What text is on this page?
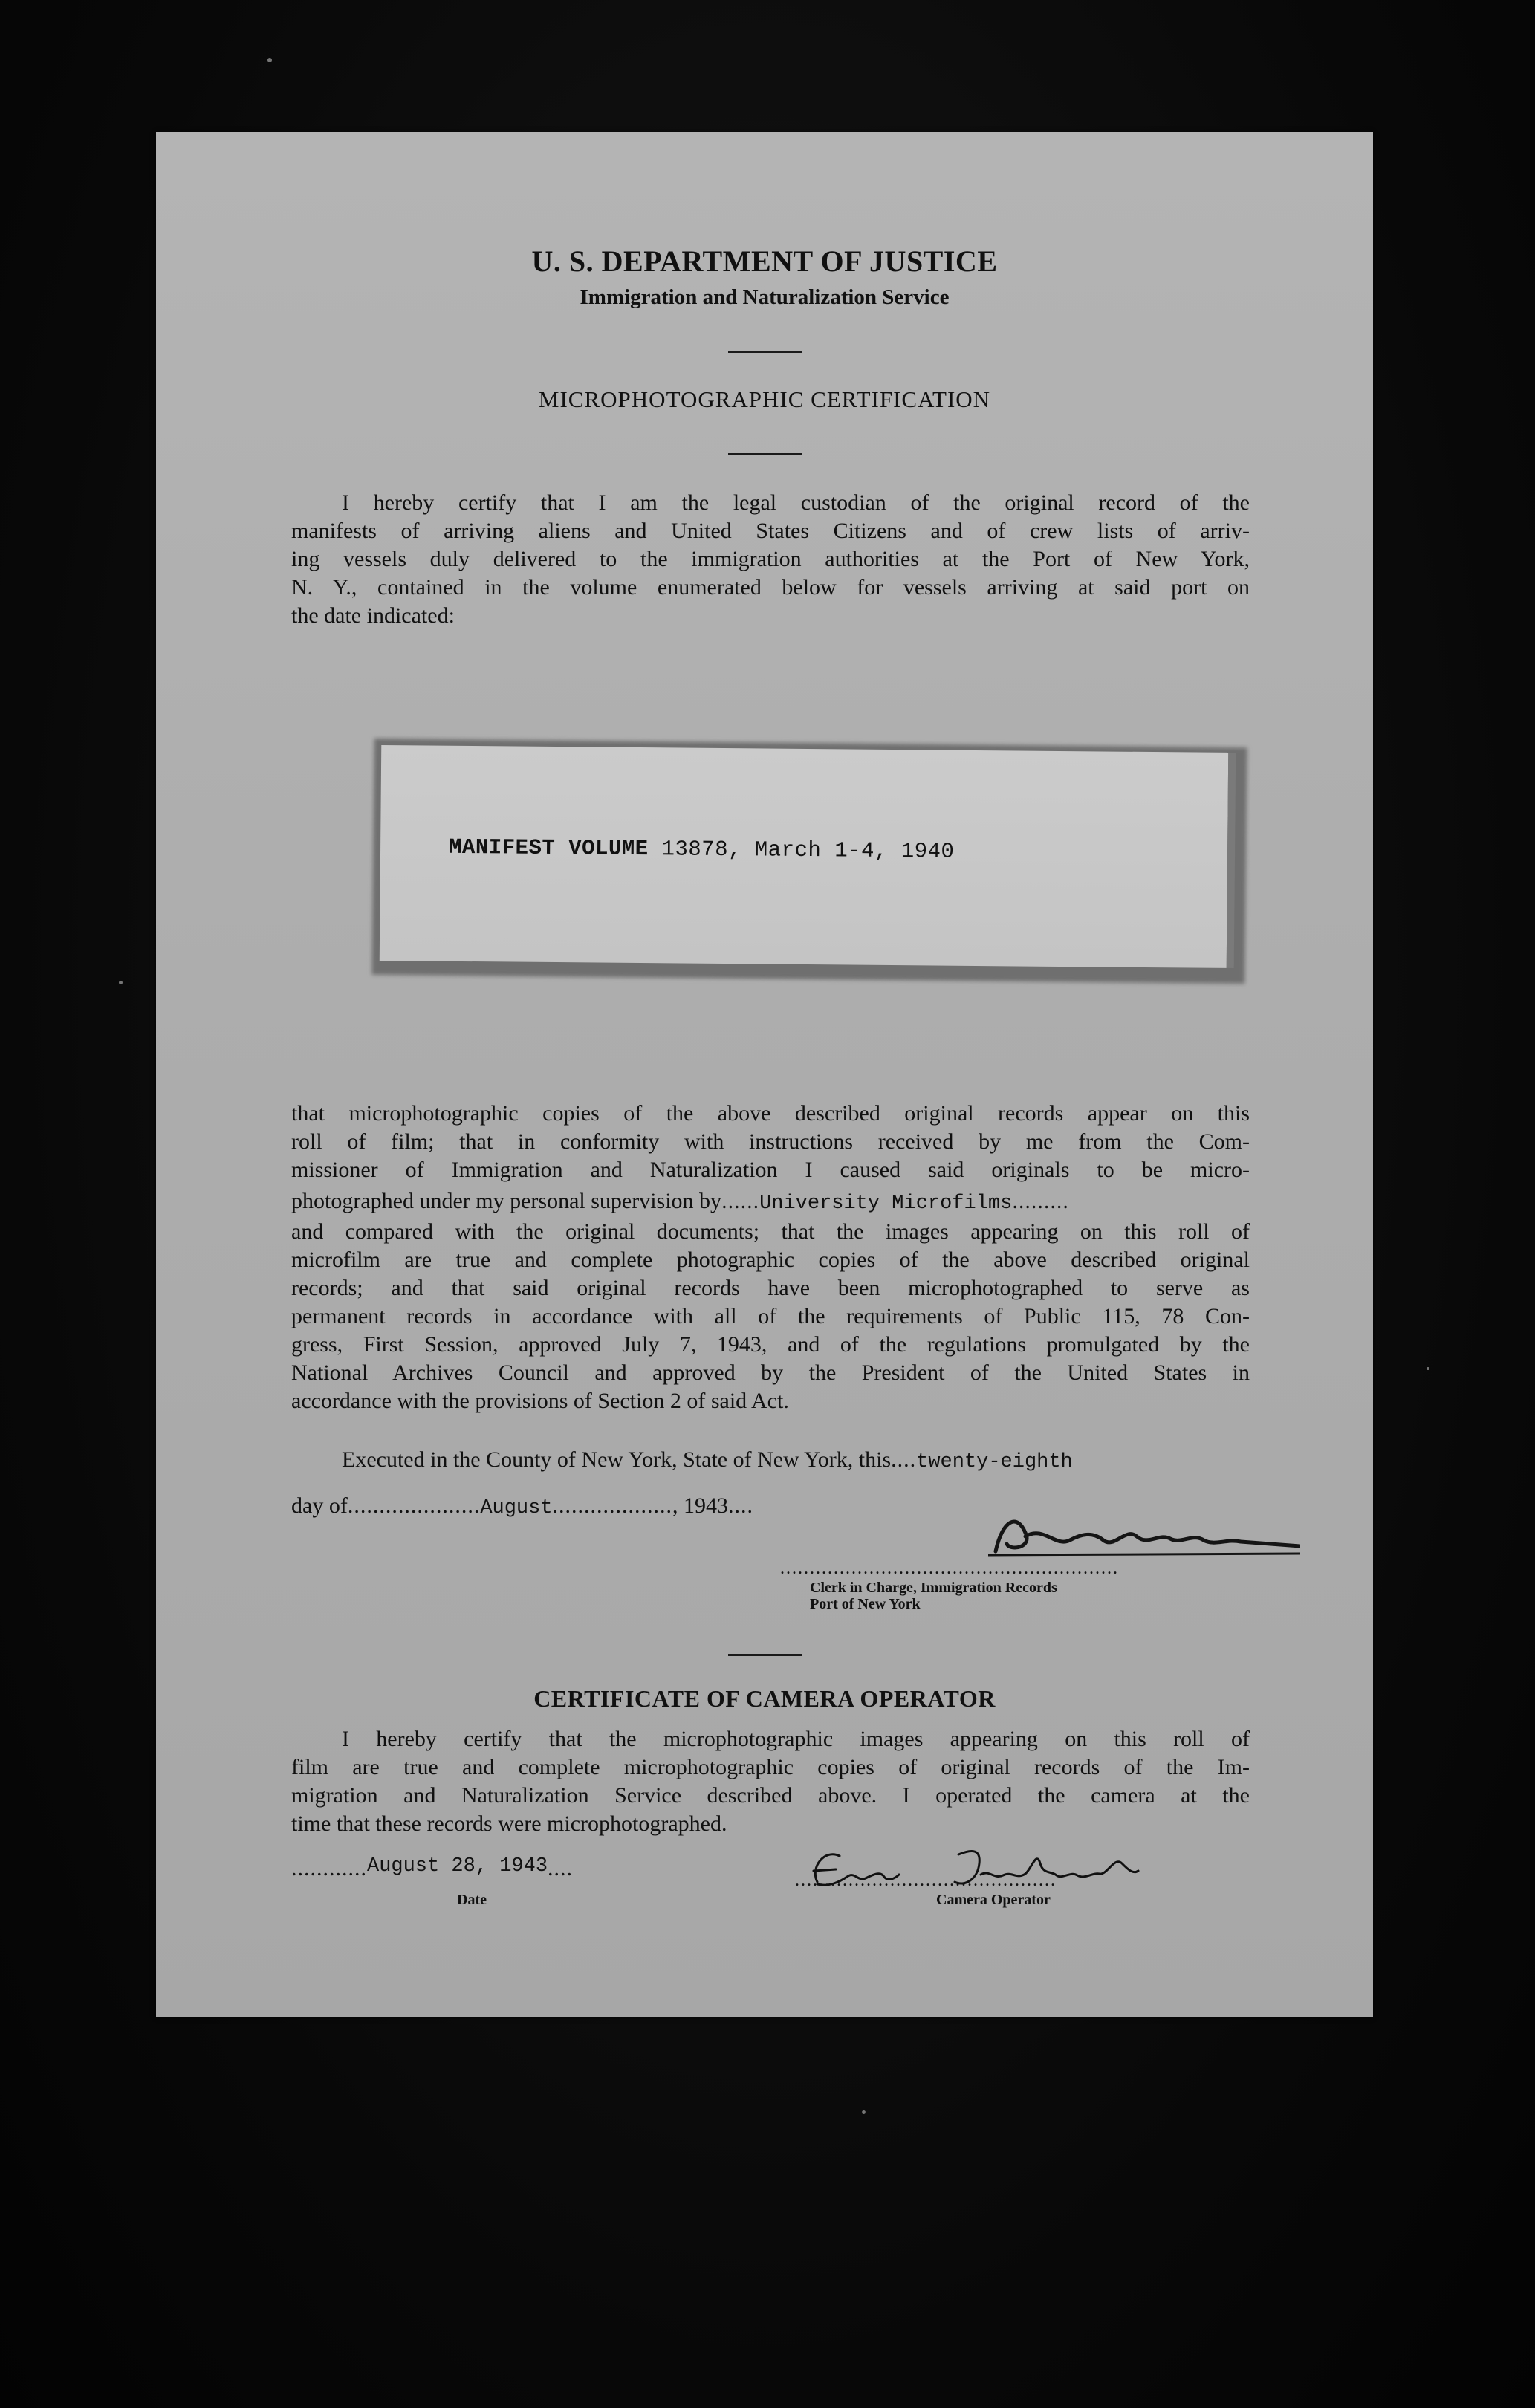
U. S. DEPARTMENT OF JUSTICE
Immigration and Naturalization Service
MICROPHOTOGRAPHIC CERTIFICATION
I hereby certify that I am the legal custodian of the original record of the
manifests of arriving aliens and United States Citizens and of crew lists of arriv-
ing vessels duly delivered to the immigration authorities at the Port of New York,
N. Y., contained in the volume enumerated below for vessels arriving at said port on
the date indicated:
MANIFEST VOLUME 13878, March 1-4, 1940
that microphotographic copies of the above described original records appear on this
roll of film; that in conformity with instructions received by me from the Com-
missioner of Immigration and Naturalization I caused said originals to be micro-
photographed under my personal supervision by......University Microfilms.........
and compared with the original documents; that the images appearing on this roll of
microfilm are true and complete photographic copies of the above described original
records; and that said original records have been microphotographed to serve as
permanent records in accordance with all of the requirements of Public 115, 78 Con-
gress, First Session, approved July 7, 1943, and of the regulations promulgated by the
National Archives Council and approved by the President of the United States in
accordance with the provisions of Section 2 of said Act.
Executed in the County of New York, State of New York, this....twenty-eighth
day of.....................August..................., 1943....
.........................................................
Clerk in Charge, Immigration Records
Port of New York
CERTIFICATE OF CAMERA OPERATOR
I hereby certify that the microphotographic images appearing on this roll of
film are true and complete microphotographic copies of original records of the Im-
migration and Naturalization Service described above. I operated the camera at the
time that these records were microphotographed.
............August 28, 1943....
Date
............................................
Camera Operator
